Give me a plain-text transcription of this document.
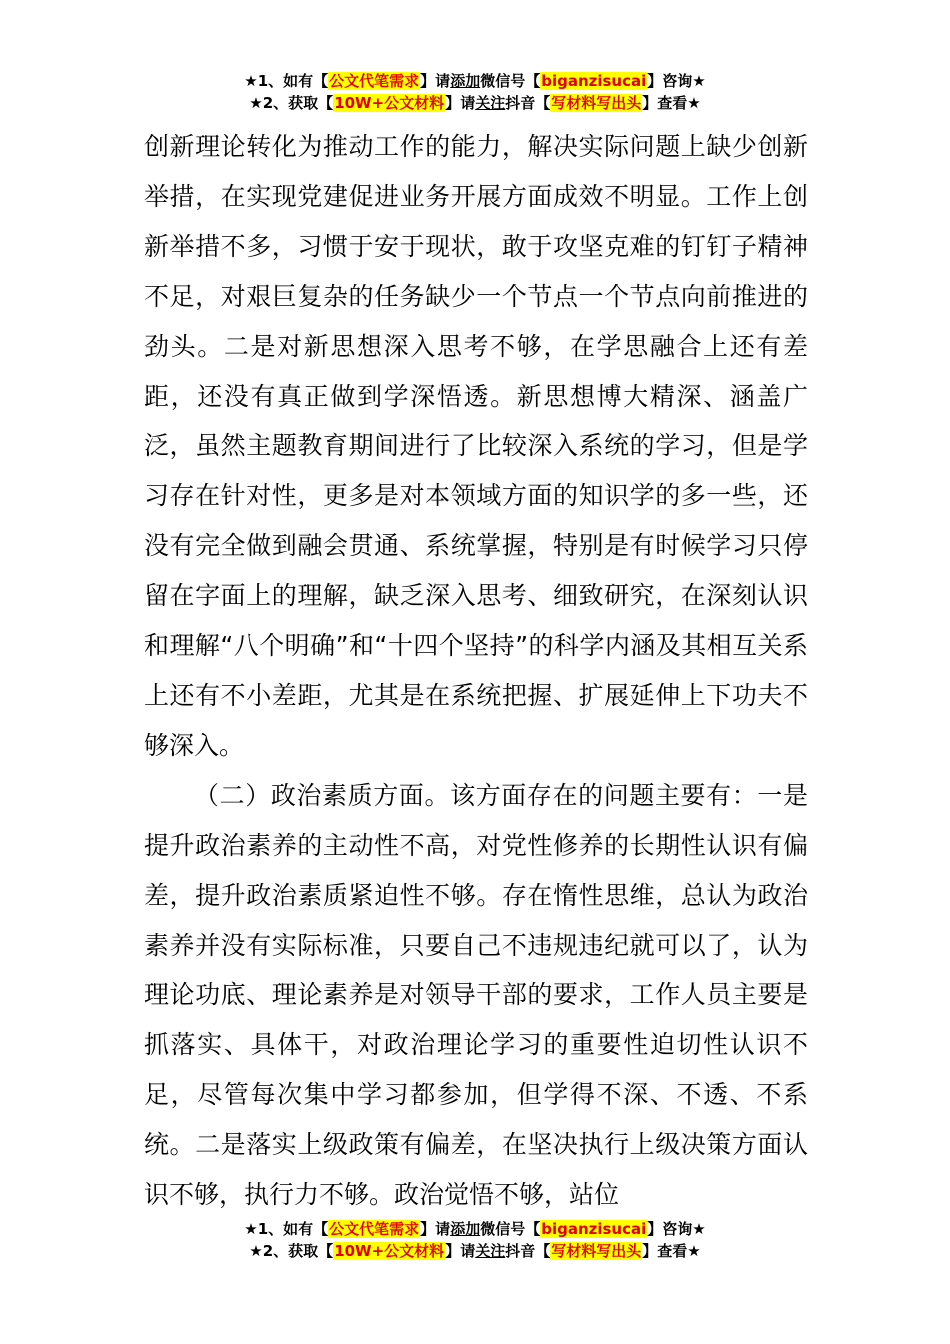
★1、如有【公文代笔需求】请添加微信号【biganzisucai】咨询★
★2、获取【10W+公文材料】请关注抖音【写材料写出头】查看★

创新理论转化为推动工作的能力，解决实际问题上缺少创新举措，在实现党建促进业务开展方面成效不明显。工作上创新举措不多，习惯于安于现状，敢于攻坚克难的钉钉子精神不足，对艰巨复杂的任务缺少一个节点一个节点向前推进的劲头。二是对新思想深入思考不够，在学思融合上还有差距，还没有真正做到学深悟透。新思想博大精深、涵盖广泛，虽然主题教育期间进行了比较深入系统的学习，但是学习存在针对性，更多是对本领域方面的知识学的多一些，还没有完全做到融会贯通、系统掌握，特别是有时候学习只停留在字面上的理解，缺乏深入思考、细致研究，在深刻认识和理解“八个明确”和“十四个坚持”的科学内涵及其相互关系上还有不小差距，尤其是在系统把握、扩展延伸上下功夫不够深入。

（二）政治素质方面。该方面存在的问题主要有：一是提升政治素养的主动性不高，对党性修养的长期性认识有偏差，提升政治素质紧迫性不够。存在惰性思维，总认为政治素养并没有实际标准，只要自己不违规违纪就可以了，认为理论功底、理论素养是对领导干部的要求，工作人员主要是抓落实、具体干，对政治理论学习的重要性迫切性认识不足，尽管每次集中学习都参加，但学得不深、不透、不系统。二是落实上级政策有偏差，在坚决执行上级决策方面认识不够，执行力不够。政治觉悟不够，站位

★1、如有【公文代笔需求】请添加微信号【biganzisucai】咨询★
★2、获取【10W+公文材料】请关注抖音【写材料写出头】查看★
